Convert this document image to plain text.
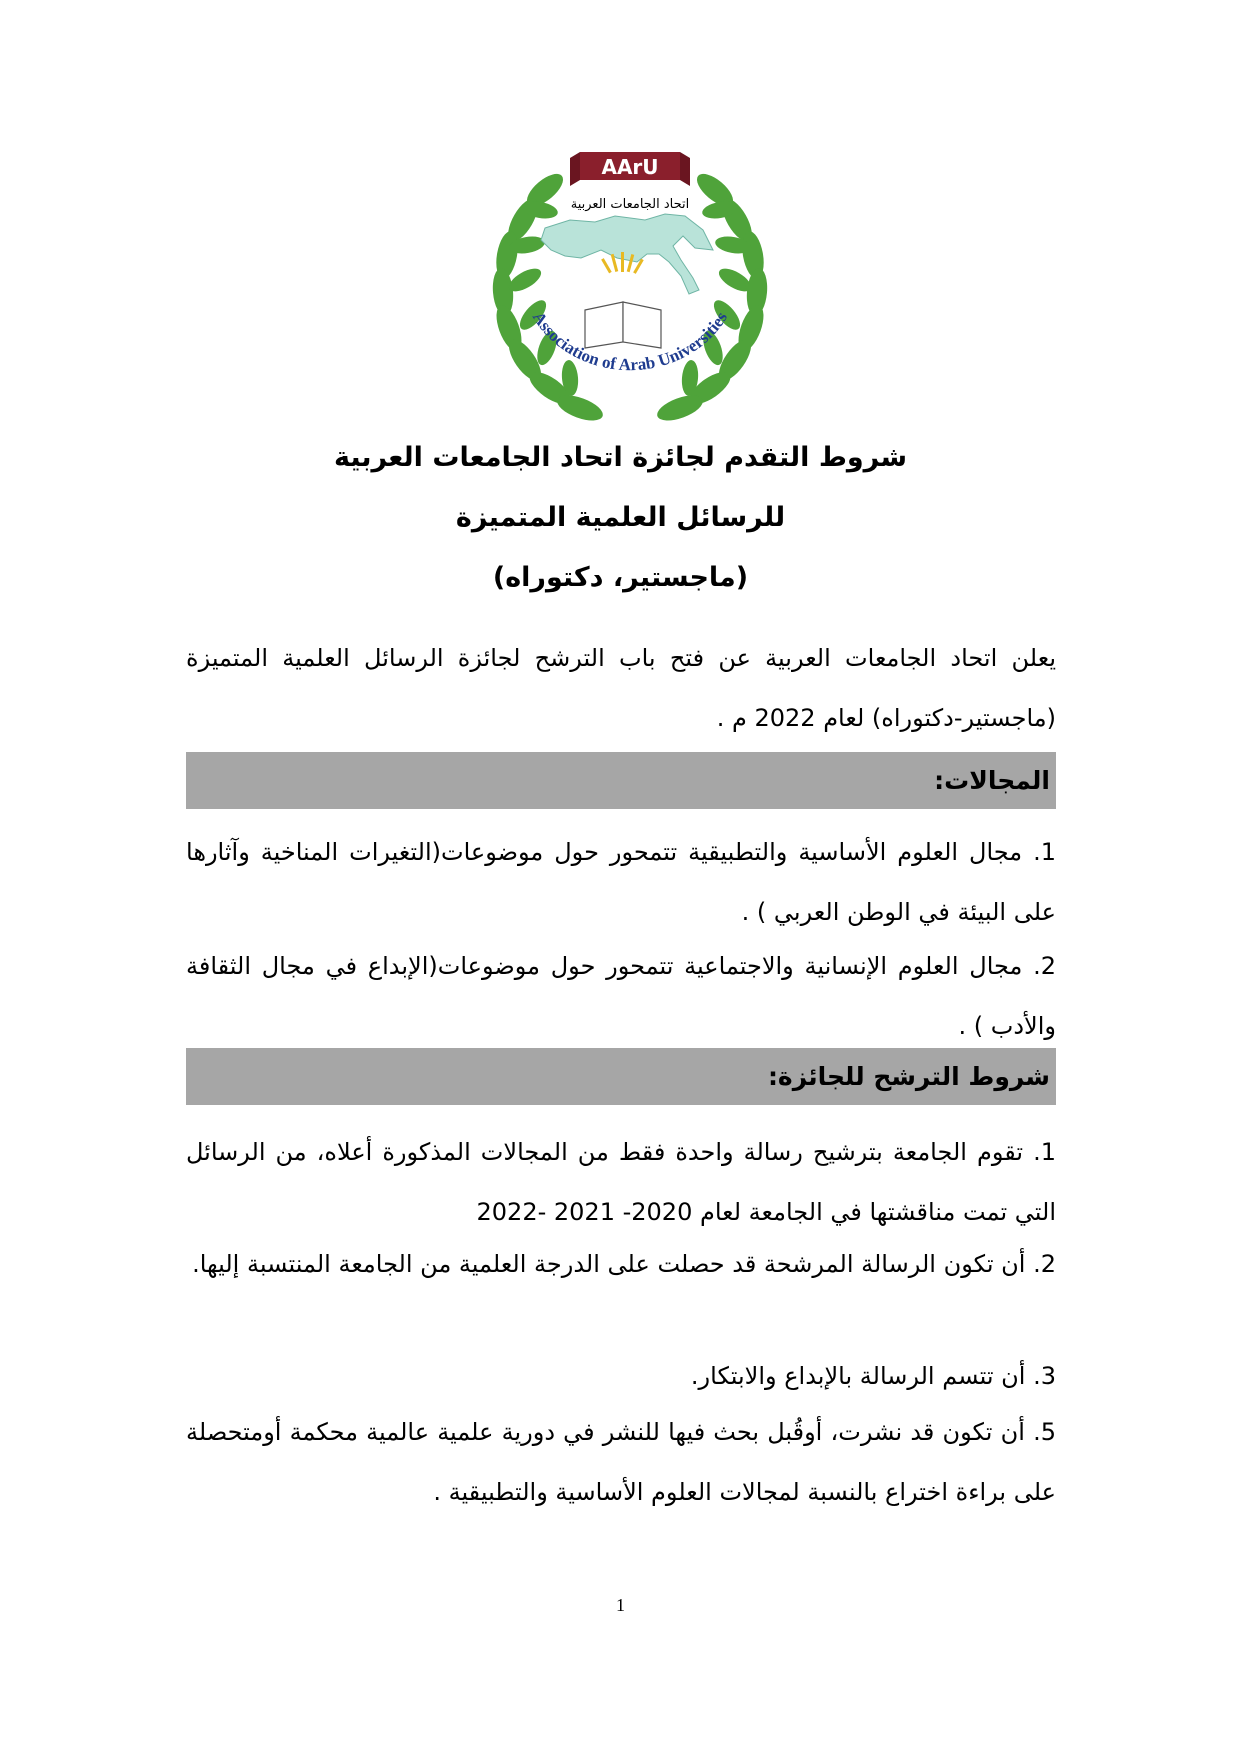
AArU
اتحاد الجامعات العربية
Association of Arab Universities
شروط التقدم لجائزة اتحاد الجامعات العربية
للرسائل العلمية المتميزة
(ماجستير، دكتوراه)

يعلن اتحاد الجامعات العربية عن فتح باب الترشح لجائزة الرسائل العلمية المتميزة (ماجستير-دكتوراه) لعام 2022 م .

المجالات:

1. مجال العلوم الأساسية والتطبيقية تتمحور حول موضوعات(التغيرات المناخية وآثارها على البيئة في الوطن العربي ) .

2. مجال العلوم الإنسانية والاجتماعية تتمحور حول موضوعات(الإبداع في مجال الثقافة والأدب ) .

شروط الترشح للجائزة:

1. تقوم الجامعة بترشيح رسالة واحدة فقط من المجالات المذكورة أعلاه، من الرسائل التي تمت مناقشتها في الجامعة لعام 2020- 2021 -2022

2. أن تكون الرسالة المرشحة قد حصلت على الدرجة العلمية من الجامعة المنتسبة إليها.

3. أن تتسم الرسالة بالإبداع والابتكار.

5. أن تكون قد نشرت، أوقُبل بحث فيها للنشر في دورية علمية عالمية محكمة أومتحصلة على براءة اختراع بالنسبة لمجالات العلوم الأساسية والتطبيقية .

1
